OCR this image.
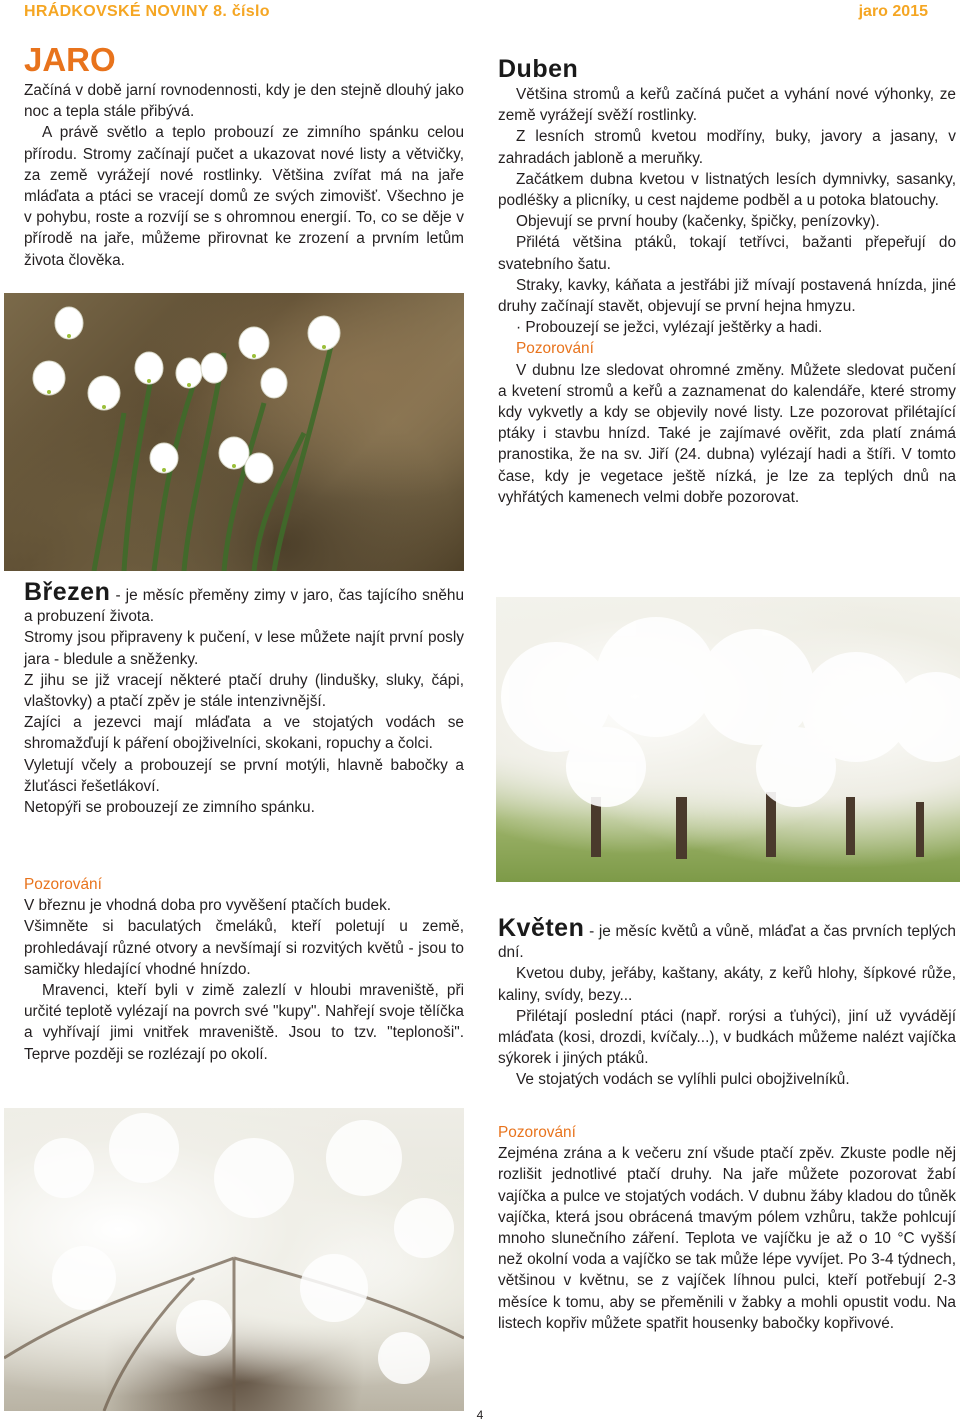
HRÁDKOVSKÉ NOVINY 8. číslo	jaro 2015
JARO

Začíná v době jarní rovnodennosti, kdy je den stejně dlouhý jako noc a tepla stále přibývá.

A právě světlo a teplo probouzí ze zimního spánku celou přírodu. Stromy začínají pučet a ukazovat nové listy a větvičky, za země vyrážejí nové rostlinky. Většina zvířat má na jaře mláďata a ptáci se vracejí domů ze svých zimovišť. Všechno je v pohybu, roste a rozvíjí se s ohromnou energií. To, co se děje v přírodě na jaře, můžeme přirovnat ke zrození a prvním letům života člověka.

Březen - je měsíc přeměny zimy v jaro, čas tajícího sněhu a probuzení života.

Stromy jsou připraveny k pučení, v lese můžete najít první posly jara - bledule a sněženky.

Z jihu se již vracejí některé ptačí druhy (lindušky, sluky, čápi, vlaštovky) a ptačí zpěv je stále intenzivnější.

Zajíci a jezevci mají mláďata a ve stojatých vodách se shromažďují k páření obojživelníci, skokani, ropuchy a čolci.

Vyletují včely a probouzejí se první motýli, hlavně babočky a žluťásci řešetlákoví.

Netopýři se probouzejí ze zimního spánku.

Pozorování

V březnu je vhodná doba pro vyvěšení ptačích budek.

Všimněte si baculatých čmeláků, kteří poletují u země, prohledávají různé otvory a nevšímají si rozvitých květů - jsou to samičky hledající vhodné hnízdo.

Mravenci, kteří byli v zimě zalezlí v hloubi mraveniště, při určité teplotě vylézají na povrch své "kupy". Nahřejí svoje tělíčka a vyhřívají jimi vnitřek mraveniště. Jsou to tzv. "teplonoši". Teprve později se rozlézají po okolí.

Duben

Většina stromů a keřů začíná pučet a vyhání nové výhonky, ze země vyrážejí svěží rostlinky.

Z lesních stromů kvetou modříny, buky, javory a jasany, v zahradách jabloně a meruňky.

Začátkem dubna kvetou v listnatých lesích dymnivky, sasanky, podléšky a plicníky, u cest najdeme podběl a u potoka blatouchy.

Objevují se první houby (kačenky, špičky, penízovky).

Přilétá většina ptáků, tokají tetřívci, bažanti přepeřují do svatebního šatu.

Straky, kavky, káňata a jestřábi již mívají postavená hnízda, jiné druhy začínají stavět, objevují se první hejna hmyzu.

· Probouzejí se ježci, vylézají ještěrky a hadi.

Pozorování

V dubnu lze sledovat ohromné změny. Můžete sledovat pučení a kvetení stromů a keřů a zaznamenat do kalendáře, které stromy kdy vykvetly a kdy se objevily nové listy. Lze pozorovat přilétající ptáky i stavbu hnízd. Také je zajímavé ověřit, zda platí známá pranostika, že na sv. Jiří (24. dubna) vylézají hadi a štíři. V tomto čase, kdy je vegetace ještě nízká, je lze za teplých dnů na vyhřátých kamenech velmi dobře pozorovat.

Květen - je měsíc květů a vůně, mláďat a čas prvních teplých dní.

Kvetou duby, jeřáby, kaštany, akáty, z keřů hlohy, šípkové růže, kaliny, svídy, bezy...

Přilétají poslední ptáci (např. rorýsi a ťuhýci), jiní už vyvádějí mláďata (kosi, drozdi, kvíčaly...), v budkách můžeme nalézt vajíčka sýkorek i jiných ptáků.

Ve stojatých vodách se vylíhli pulci obojživelníků.

Pozorování

Zejména zrána a k večeru zní všude ptačí zpěv. Zkuste podle něj rozlišit jednotlivé ptačí druhy. Na jaře můžete pozorovat žabí vajíčka a pulce ve stojatých vodách. V dubnu žáby kladou do tůněk vajíčka, která jsou obrácená tmavým pólem vzhůru, takže pohlcují mnoho slunečního záření. Teplota ve vajíčku je až o 10 °C vyšší než okolní voda a vajíčko se tak může lépe vyvíjet. Po 3-4 týdnech, většinou v květnu, se z vajíček líhnou pulci, kteří potřebují 2-3 měsíce k tomu, aby se přeměnili v žabky a mohli opustit vodu. Na listech kopřiv můžete spatřit housenky babočky kopřivové.

4
